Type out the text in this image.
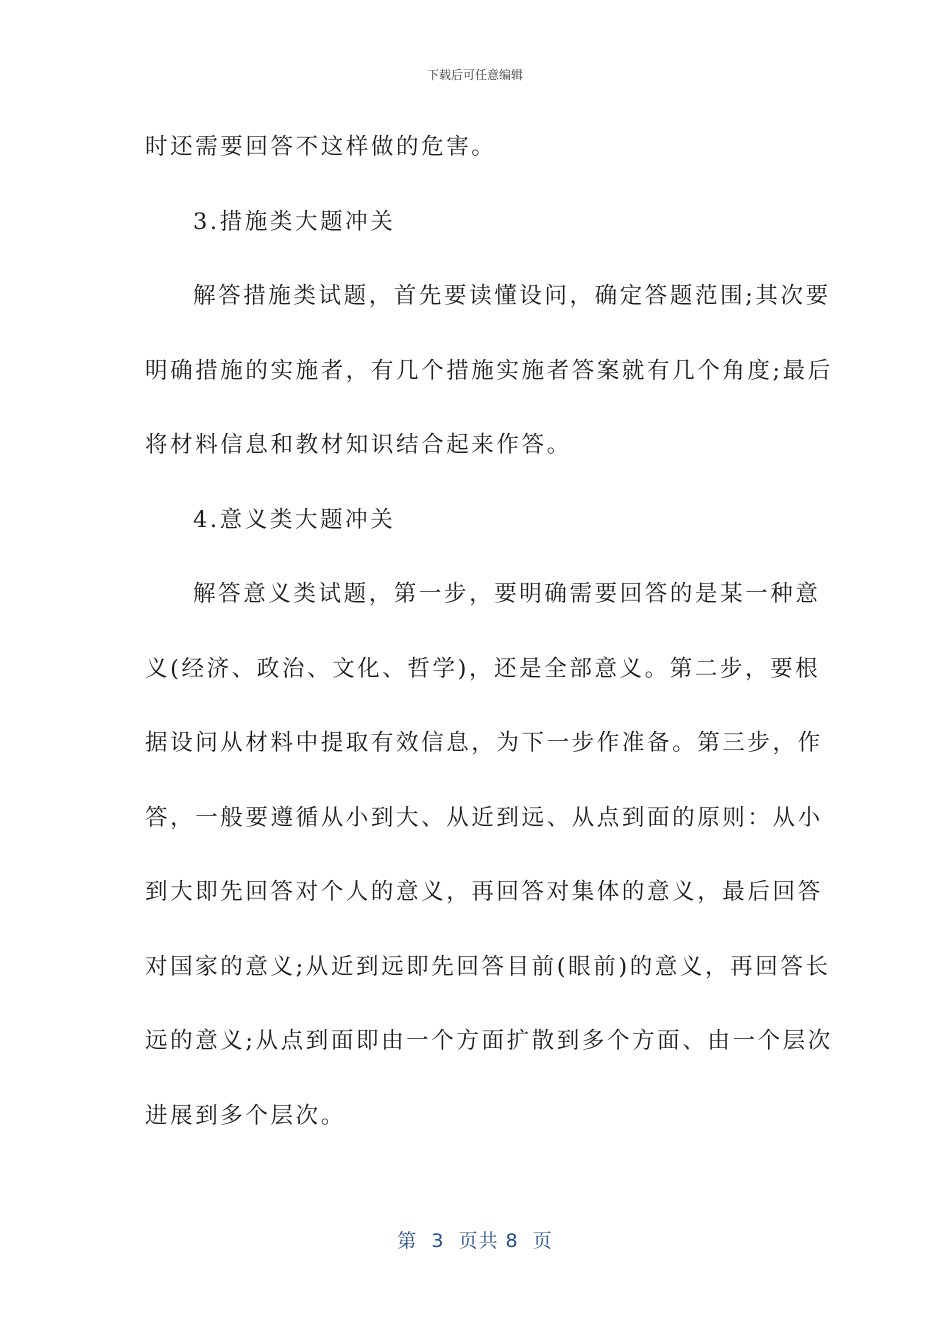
下载后可任意编辑
时还需要回答不这样做的危害。
3.措施类大题冲关
解答措施类试题，首先要读懂设问，确定答题范围;其次要
明确措施的实施者，有几个措施实施者答案就有几个角度;最后
将材料信息和教材知识结合起来作答。
4.意义类大题冲关
解答意义类试题，第一步，要明确需要回答的是某一种意
义(经济、政治、文化、哲学)，还是全部意义。第二步，要根
据设问从材料中提取有效信息，为下一步作准备。第三步，作
答，一般要遵循从小到大、从近到远、从点到面的原则：从小
到大即先回答对个人的意义，再回答对集体的意义，最后回答
对国家的意义;从近到远即先回答目前(眼前)的意义，再回答长
远的意义;从点到面即由一个方面扩散到多个方面、由一个层次
进展到多个层次。
第  3  页共 8  页
